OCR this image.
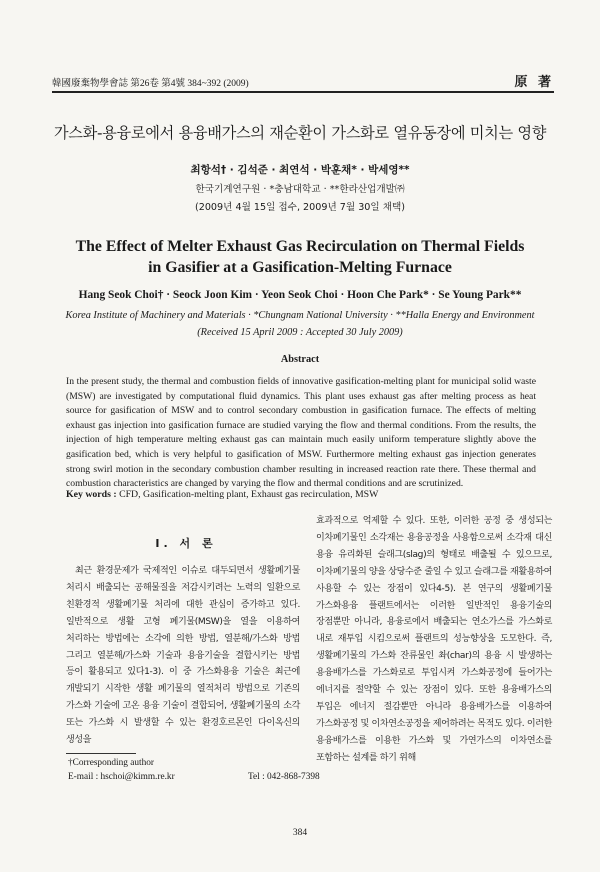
韓國廢棄物學會誌 第26卷 第4號 384~392 (2009)	原 著
가스화-용융로에서 용융배가스의 재순환이 가스화로 열유동장에 미치는 영향
최항석† · 김석준 · 최연석 · 박훈채* · 박세영**
한국기계연구원 · *충남대학교 · **한라산업개발㈜
(2009년 4월 15일 접수, 2009년 7월 30일 채택)
The Effect of Melter Exhaust Gas Recirculation on Thermal Fields
in Gasifier at a Gasification-Melting Furnace
Hang Seok Choi† · Seock Joon Kim · Yeon Seok Choi · Hoon Che Park* · Se Young Park**
Korea Institute of Machinery and Materials · *Chungnam National University · **Halla Energy and Environment
(Received 15 April 2009 : Accepted 30 July 2009)
Abstract

In the present study, the thermal and combustion fields of innovative gasification-melting plant for municipal solid waste (MSW) are investigated by computational fluid dynamics. This plant uses exhaust gas after melting process as heat source for gasification of MSW and to control secondary combustion in gasification furnace. The effects of melting exhaust gas injection into gasification furnace are studied varying the flow and thermal conditions. From the results, the injection of high temperature melting exhaust gas can maintain much easily uniform temperature slightly above the gasification bed, which is very helpful to gasification of MSW. Furthermore melting exhaust gas injection generates strong swirl motion in the secondary combustion chamber resulting in increased reaction rate there. These thermal and combustion characteristics are changed by varying the flow and thermal conditions and are scrutinized.

Key words : CFD, Gasification-melting plant, Exhaust gas recirculation, MSW
I. 서 론

최근 환경문제가 국제적인 이슈로 대두되면서 생활폐기물 처리시 배출되는 공해물질을 저감시키려는 노력의 일환으로 친환경적 생활폐기물 처리에 대한 관심이 증가하고 있다. 일반적으로 생활 고형 폐기물(MSW)을 열을 이용하여 처리하는 방법에는 소각에 의한 방법, 열분해/가스화 방법 그리고 열분해/가스화 기술과 용융기술을 결합시키는 방법 등이 활용되고 있다1-3). 이 중 가스화용융 기술은 최근에 개발되기 시작한 생활 폐기물의 열적처리 방법으로 기존의 가스화 기술에 고온 용융 기술이 결합되어, 생활폐기물의 소각 또는 가스화 시 발생할 수 있는 환경호르몬인 다이옥신의 생성을

효과적으로 억제할 수 있다. 또한, 이러한 공정 중 생성되는 이차폐기물인 소각재는 용융공정을 사용함으로써 소각재 대신 용융 유리화된 슬래그(slag)의 형태로 배출될 수 있으므로, 이차폐기물의 양을 상당수준 줄일 수 있고 슬래그를 재활용하여 사용할 수 있는 장점이 있다4-5). 본 연구의 생활폐기물 가스화용융 플랜트에서는 이러한 일반적인 용융기술의 장점뿐만 아니라, 용융로에서 배출되는 연소가스를 가스화로 내로 재투입 시킴으로써 플랜트의 성능향상을 도모한다. 즉, 생활폐기물의 가스화 잔류물인 촤(char)의 용융 시 발생하는 용융배가스를 가스화로로 투입시켜 가스화공정에 들어가는 에너지를 절약할 수 있는 장점이 있다. 또한 용융배가스의 투입은 에너지 절감뿐만 아니라 용융배가스를 이용하여 가스화공정 및 이차연소공정을 제어하려는 목적도 있다. 이러한 용융배가스를 이용한 가스화 및 가연가스의 이차연소를 포함하는 설계를 하기 위해

†Corresponding author
E-mail : hschoi@kimm.re.kr	Tel : 042-868-7398
384
